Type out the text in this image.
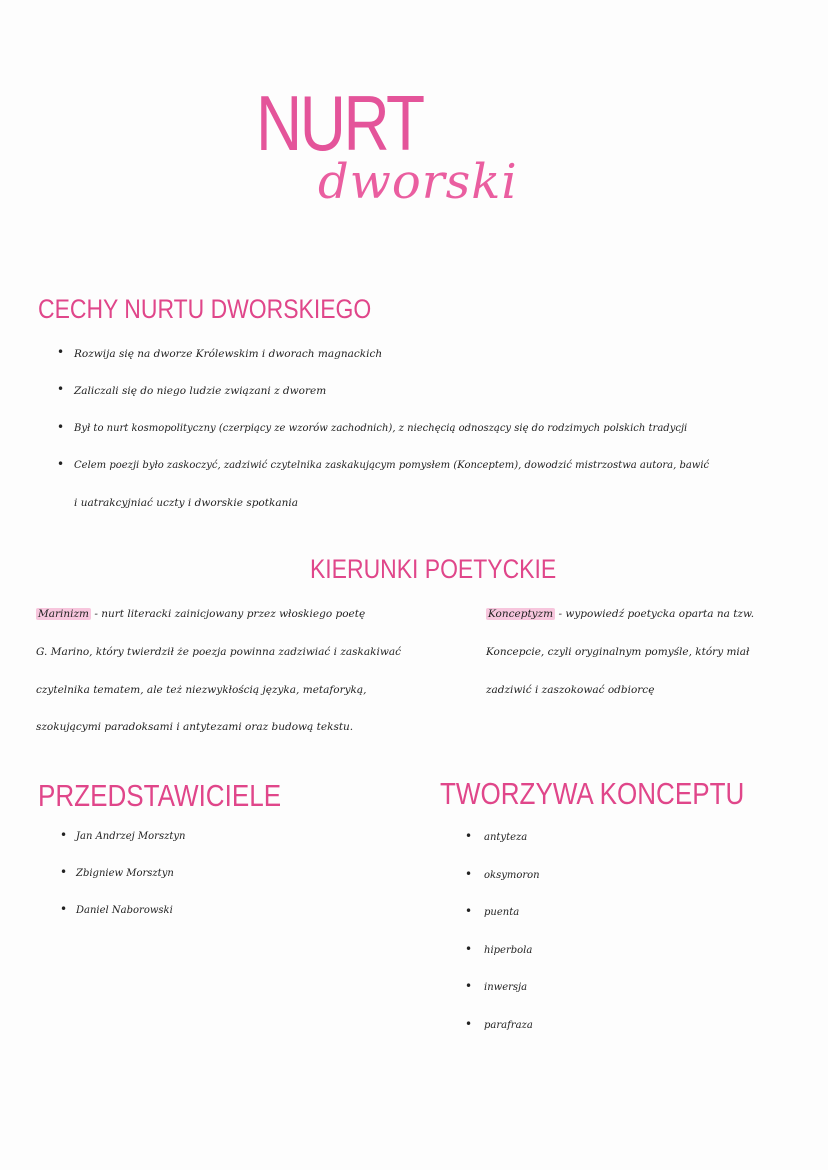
NURT
dworski
CECHY NURTU DWORSKIEGO
• Rozwija się na dworze Królewskim i dworach magnackich
• Zaliczali się do niego ludzie związani z dworem
• Był to nurt kosmopolityczny (czerpiący ze wzorów zachodnich), z niechęcią odnoszący się do rodzimych polskich tradycji
• Celem poezji było zaskoczyć, zadziwić czytelnika zaskakującym pomysłem (Konceptem), dowodzić mistrzostwa autora, bawić
i uatrakcyjniać uczty i dworskie spotkania
KIERUNKI POETYCKIE
Marinizm - nurt literacki zainicjowany przez włoskiego poetę
G. Marino, który twierdził że poezja powinna zadziwiać i zaskakiwać
czytelnika tematem, ale też niezwykłością języka, metaforyką,
szokującymi paradoksami i antytezami oraz budową tekstu.
Konceptyzm - wypowiedź poetycka oparta na tzw.
Koncepcie, czyli oryginalnym pomyśle, który miał
zadziwić i zaszokować odbiorcę
PRZEDSTAWICIELE
• Jan Andrzej Morsztyn
• Zbigniew Morsztyn
• Daniel Naborowski
TWORZYWA KONCEPTU
• antyteza
• oksymoron
• puenta
• hiperbola
• inwersja
• parafraza
